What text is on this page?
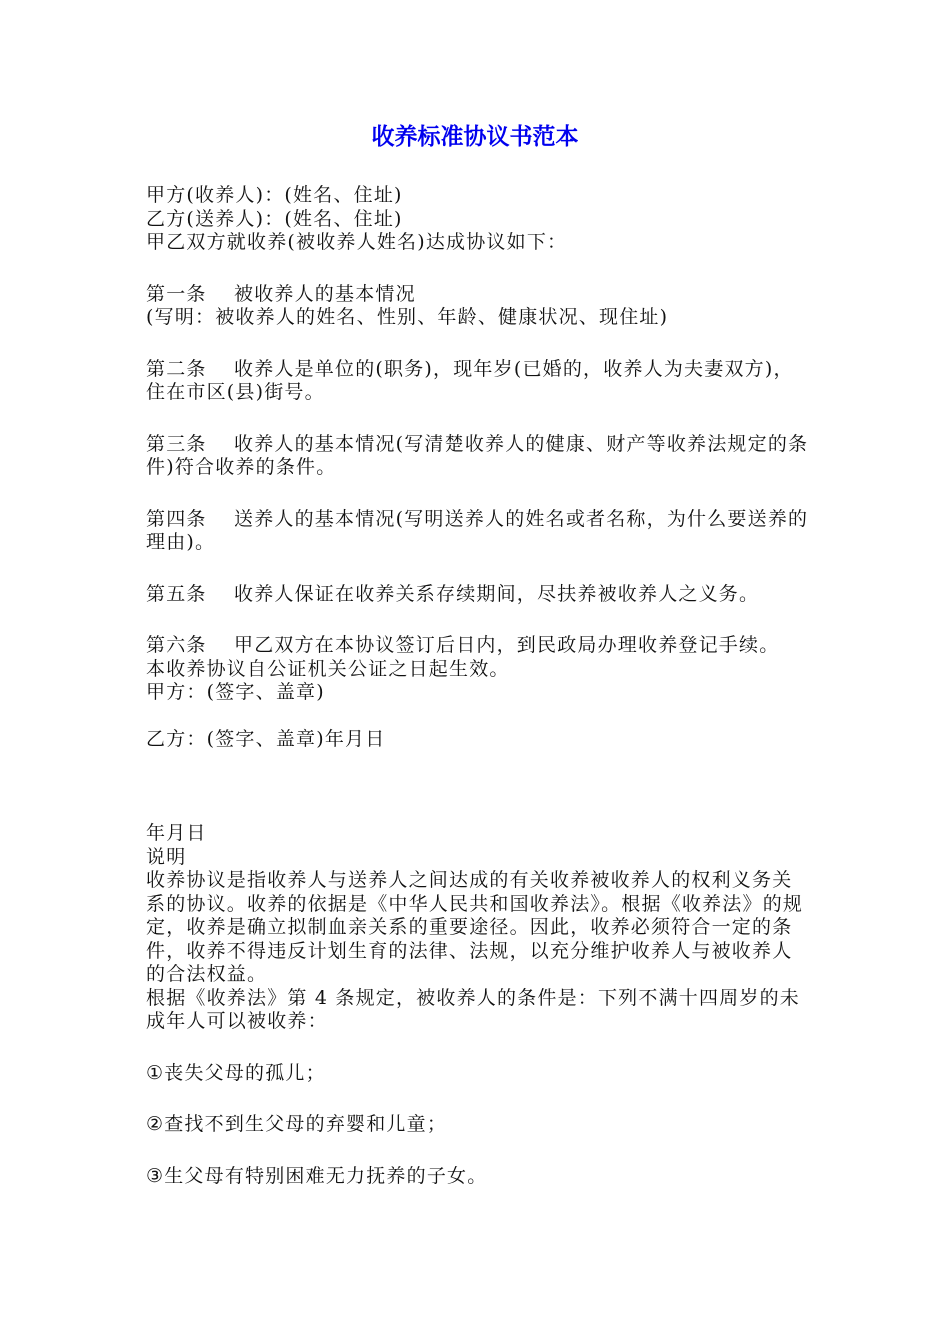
收养标准协议书范本
甲方(收养人)：(姓名、住址)
乙方(送养人)：(姓名、住址)
甲乙双方就收养(被收养人姓名)达成协议如下：
第一条 被收养人的基本情况
(写明：被收养人的姓名、性别、年龄、健康状况、现住址)
第二条 收养人是单位的(职务)，现年岁(已婚的，收养人为夫妻双方)，住在市区(县)街号。
第三条 收养人的基本情况(写清楚收养人的健康、财产等收养法规定的条件)符合收养的条件。
第四条 送养人的基本情况(写明送养人的姓名或者名称，为什么要送养的理由)。
第五条 收养人保证在收养关系存续期间，尽扶养被收养人之义务。
第六条 甲乙双方在本协议签订后日内，到民政局办理收养登记手续。
本收养协议自公证机关公证之日起生效。
甲方：(签字、盖章)
乙方：(签字、盖章)年月日
年月日
说明
收养协议是指收养人与送养人之间达成的有关收养被收养人的权利义务关系的协议。收养的依据是《中华人民共和国收养法》。根据《收养法》的规定，收养是确立拟制血亲关系的重要途径。因此，收养必须符合一定的条件，收养不得违反计划生育的法律、法规，以充分维护收养人与被收养人的合法权益。
根据《收养法》第 4 条规定，被收养人的条件是：下列不满十四周岁的未成年人可以被收养：
①丧失父母的孤儿；
②查找不到生父母的弃婴和儿童；
③生父母有特别困难无力抚养的子女。
